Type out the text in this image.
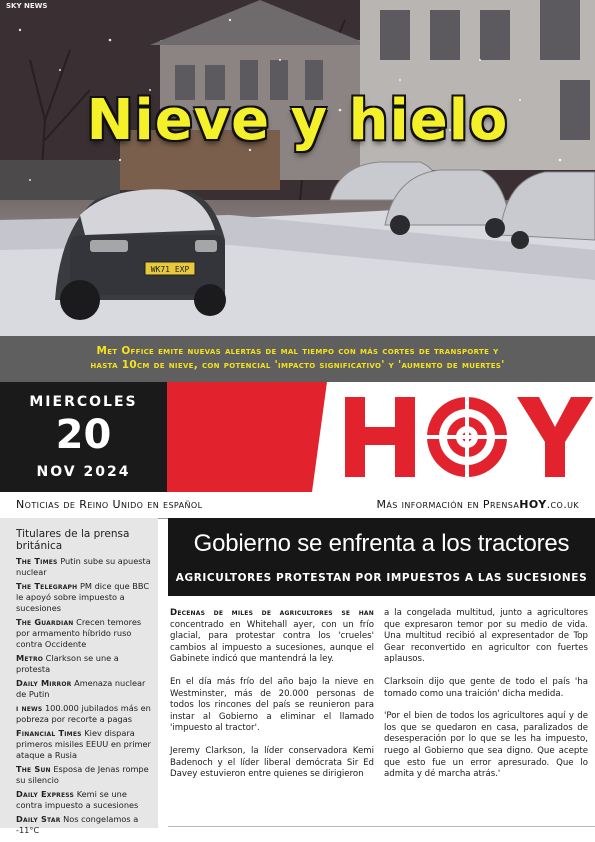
WK71 EXP
SKY NEWS
Nieve y hielo
Met Office emite nuevas alertas de mal tiempo con más cortes de transporte y
hasta 10cm de nieve, con potencial 'impacto significativo' y 'aumento de muertes'
MIERCOLES
20
NOV 2024
Noticias de Reino Unido en español	Más información en PrensaHOY.co.uk
Titulares de la prensa británica
The Times Putin sube su apuesta nuclear
The Telegraph PM dice que BBC le apoyó sobre impuesto a sucesiones
The Guardian Crecen temores por armamento híbrido ruso contra Occidente
Metro Clarkson se une a protesta
Daily Mirror Amenaza nuclear de Putin
i news 100.000 jubilados más en pobreza por recorte a pagas
Financial Times Kiev dispara primeros misiles EEUU en primer ataque a Rusia
The Sun Esposa de Jenas rompe su silencio
Daily Express Kemi se une contra impuesto a sucesiones
Daily Star Nos congelamos a -11°C
Gobierno se enfrenta a los tractores
AGRICULTORES PROTESTAN POR IMPUESTOS A LAS SUCESIONES

Decenas de miles de agricultores se han concentrado en Whitehall ayer, con un frío glacial, para protestar contra los 'crueles' cambios al impuesto a sucesiones, aunque el Gabinete indicó que mantendrá la ley.

En el día más frío del año bajo la nieve en Westminster, más de 20.000 personas de todos los rincones del país se reunieron para instar al Gobierno a eliminar el llamado 'impuesto al tractor'.

Jeremy Clarkson, la líder conservadora Kemi Badenoch y el líder liberal demócrata Sir Ed Davey estuvieron entre quienes se dirigieron

a la congelada multitud, junto a agricultores que expresaron temor por su medio de vida. Una multitud recibió al expresentador de Top Gear reconvertido en agricultor con fuertes aplausos.

Clarksoin dijo que gente de todo el país 'ha tomado como una traición' dicha medida.

'Por el bien de todos los agricultores aquí y de los que se quedaron en casa, paralizados de desesperación por lo que se les ha impuesto, ruego al Gobierno que sea digno. Que acepte que esto fue un error apresurado. Que lo admita y dé marcha atrás.'
